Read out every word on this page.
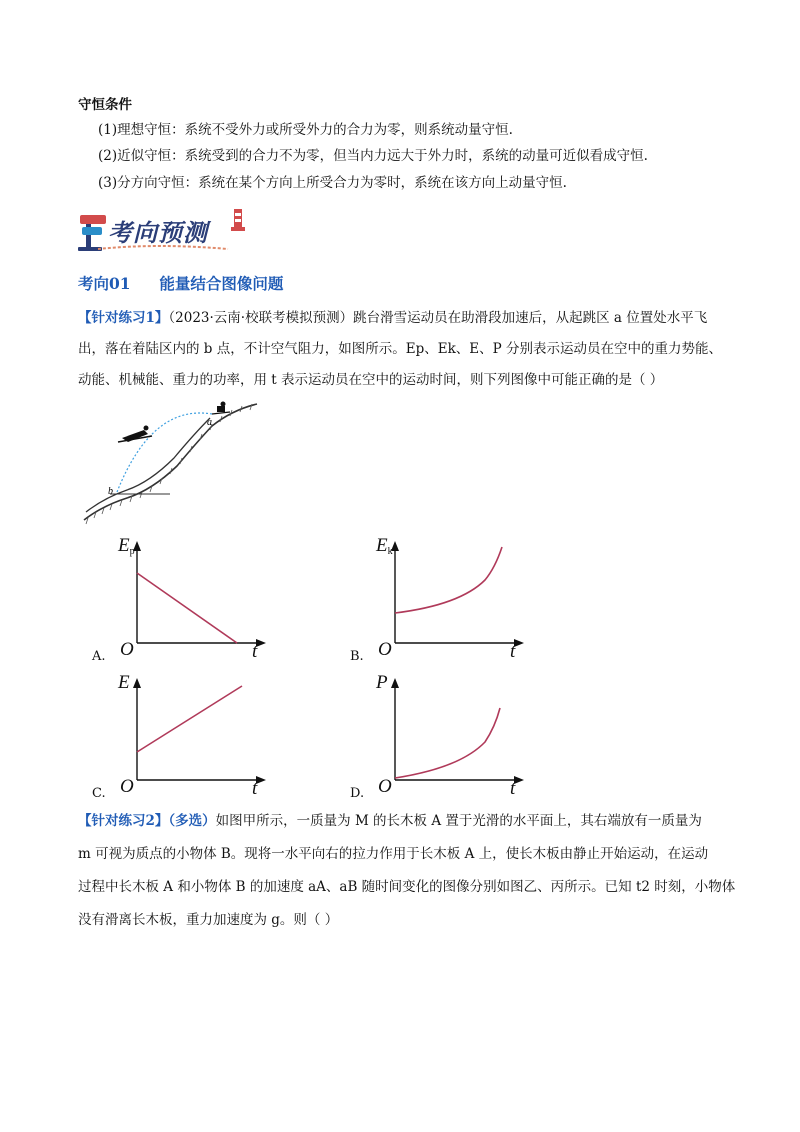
守恒条件
(1)理想守恒：系统不受外力或所受外力的合力为零，则系统动量守恒.
(2)近似守恒：系统受到的合力不为零，但当内力远大于外力时，系统的动量可近似看成守恒.
(3)分方向守恒：系统在某个方向上所受合力为零时，系统在该方向上动量守恒.
考向预测
考向01 能量结合图像问题
【针对练习1】（2023·云南·校联考模拟预测）跳台滑雪运动员在助滑段加速后，从起跳区 a 位置处水平飞
出，落在着陆区内的 b 点，不计空气阻力，如图所示。Ep、Ek、E、P 分别表示运动员在空中的重力势能、
动能、机械能、重力的功率，用 t 表示运动员在空中的运动时间，则下列图像中可能正确的是（ ）
a
b
$E_p$
O	t
A.
$E_k$
O	t
B.
E
O	t
C.
P
O	t
D.
【针对练习2】（多选）如图甲所示，一质量为 M 的长木板 A 置于光滑的水平面上，其右端放有一质量为
m 可视为质点的小物体 B。现将一水平向右的拉力作用于长木板 A 上，使长木板由静止开始运动，在运动
过程中长木板 A 和小物体 B 的加速度 aA、aB 随时间变化的图像分别如图乙、丙所示。已知 t2 时刻，小物体
没有滑离长木板，重力加速度为 g。则（ ）
